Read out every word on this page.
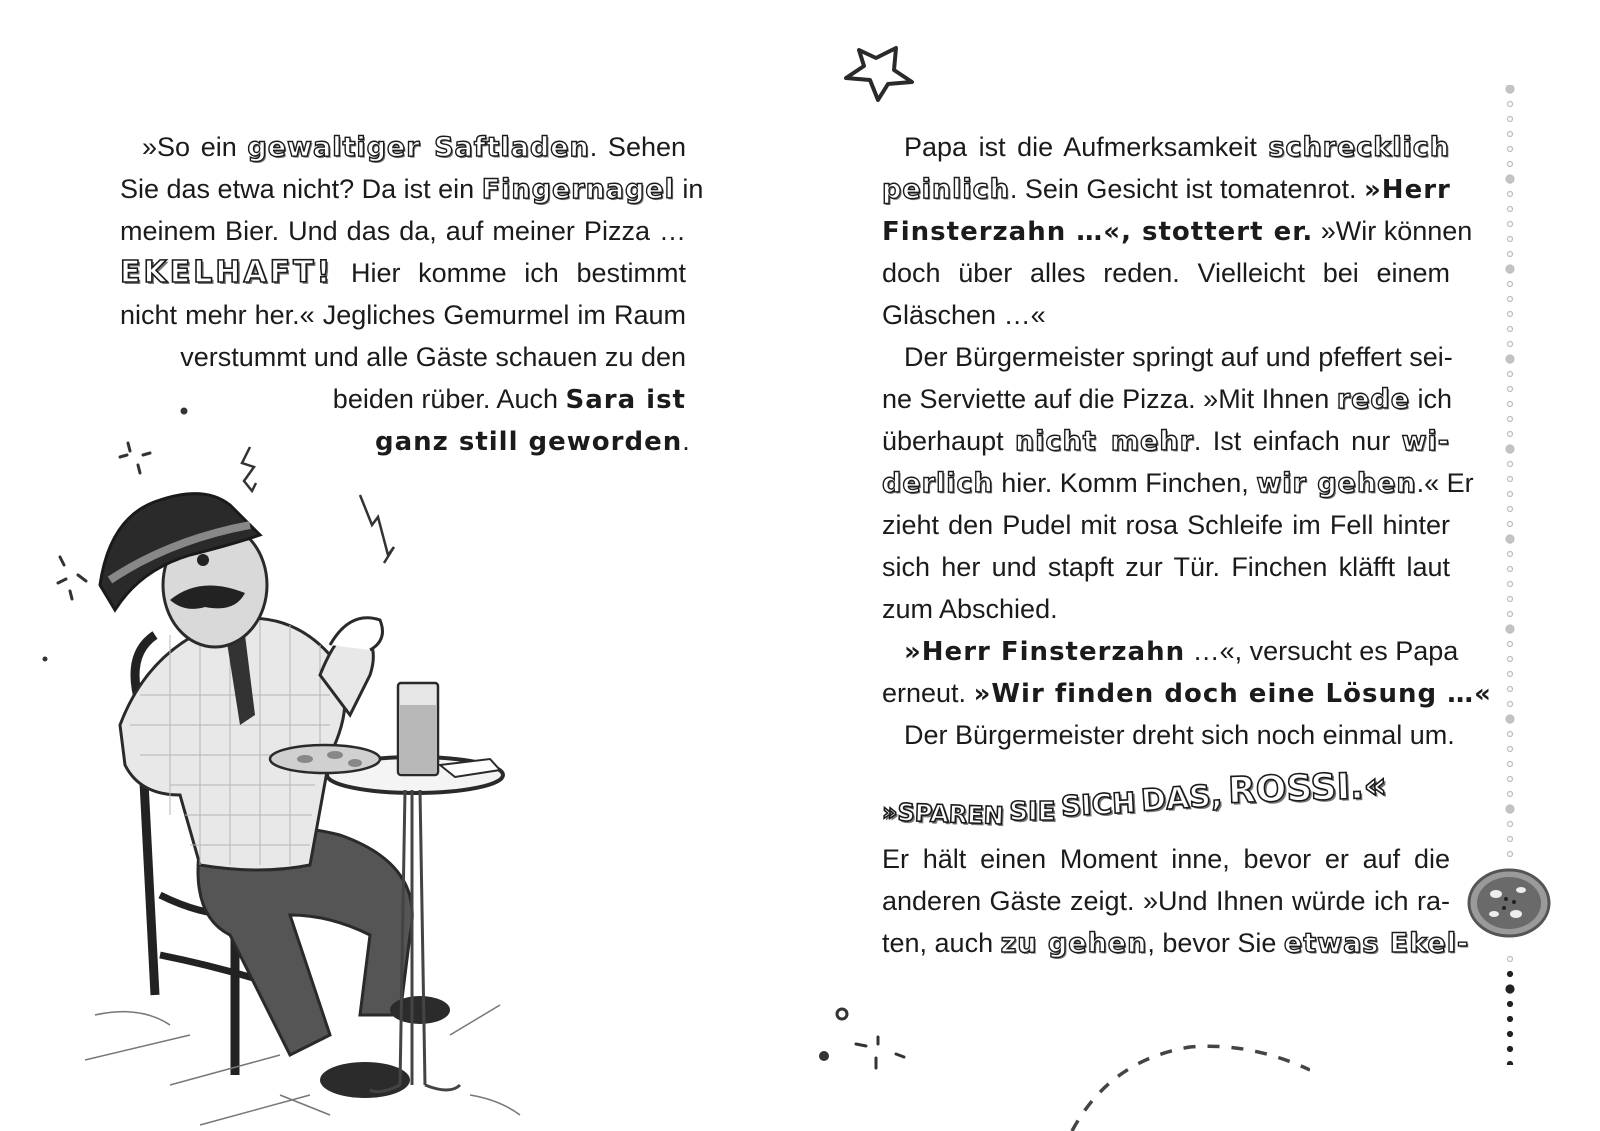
»So ein gewaltiger Saftladen. Sehen
Sie das etwa nicht? Da ist ein Fingernagel in
meinem Bier. Und das da, auf meiner Pizza …
EKELHAFT! Hier komme ich bestimmt
nicht mehr her.« Jegliches Gemurmel im Raum
verstummt und alle Gäste schauen zu den
beiden rüber. Auch Sara ist
ganz still geworden.
Papa ist die Aufmerksamkeit schrecklich
peinlich. Sein Gesicht ist tomatenrot. »Herr
Finsterzahn …«, stottert er. »Wir können
doch über alles reden. Vielleicht bei einem
Gläschen …«
Der Bürgermeister springt auf und pfeffert sei-
ne Serviette auf die Pizza. »Mit Ihnen rede ich
überhaupt nicht mehr. Ist einfach nur wi-
derlich hier. Komm Finchen, wir gehen.« Er
zieht den Pudel mit rosa Schleife im Fell hinter
sich her und stapft zur Tür. Finchen kläfft laut
zum Abschied.
»Herr Finsterzahn …«, versucht es Papa
erneut. »Wir finden doch eine Lösung …«
Der Bürgermeister dreht sich noch einmal um.
»SPAREN SIE SICH DAS, ROSSI.«
Er hält einen Moment inne, bevor er auf die
anderen Gäste zeigt. »Und Ihnen würde ich ra-
ten, auch zu gehen, bevor Sie etwas Ekel-
